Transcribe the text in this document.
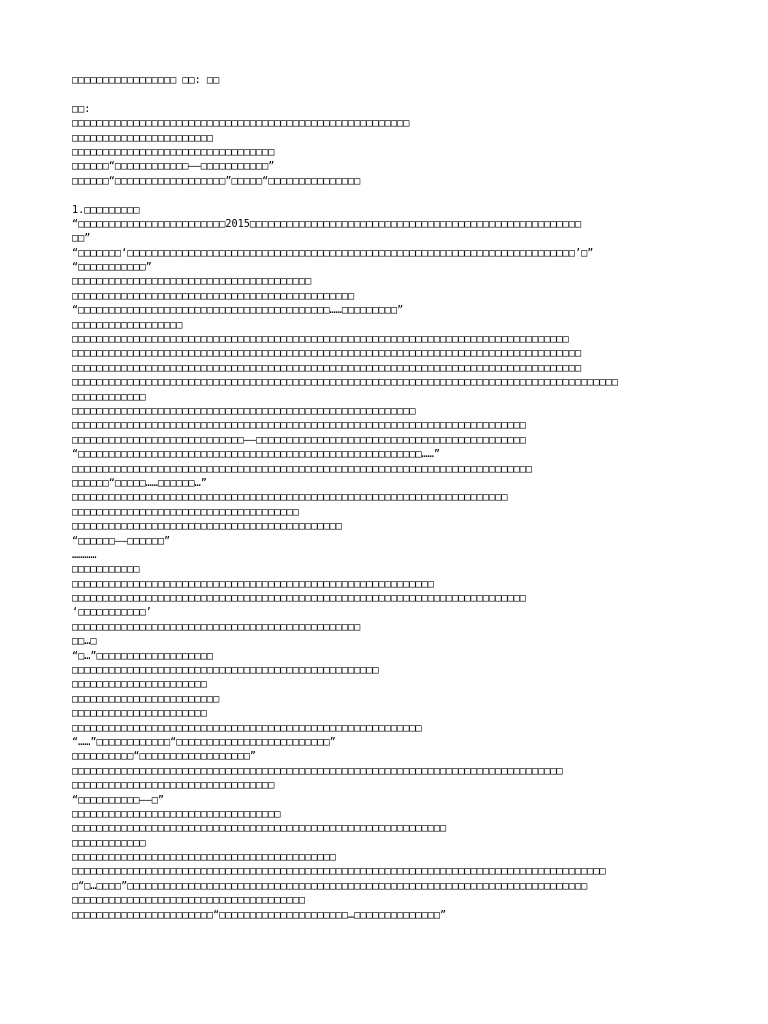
□□□□□□□□□□□□□□□□□ □□: □□
□□:
□□□□□□□□□□□□□□□□□□□□□□□□□□□□□□□□□□□□□□□□□□□□□□□□□□□□□□□
□□□□□□□□□□□□□□□□□□□□□□□
□□□□□□□□□□□□□□□□□□□□□□□□□□□□□□□□□
□□□□□□“□□□□□□□□□□□□——□□□□□□□□□□□”
□□□□□□“□□□□□□□□□□□□□□□□□□”□□□□□“□□□□□□□□□□□□□□□
1.□□□□□□□□□
“□□□□□□□□□□□□□□□□□□□□□□□□2015□□□□□□□□□□□□□□□□□□□□□□□□□□□□□□□□□□□□□□□□□□□□□□□□□□□□□□
□□”
“□□□□□□□‘□□□□□□□□□□□□□□□□□□□□□□□□□□□□□□□□□□□□□□□□□□□□□□□□□□□□□□□□□□□□□□□□□□□□□□□□□’□”
“□□□□□□□□□□□”
□□□□□□□□□□□□□□□□□□□□□□□□□□□□□□□□□□□□□□□
□□□□□□□□□□□□□□□□□□□□□□□□□□□□□□□□□□□□□□□□□□□□□□
“□□□□□□□□□□□□□□□□□□□□□□□□□□□□□□□□□□□□□□□□□……□□□□□□□□□”
□□□□□□□□□□□□□□□□□□
□□□□□□□□□□□□□□□□□□□□□□□□□□□□□□□□□□□□□□□□□□□□□□□□□□□□□□□□□□□□□□□□□□□□□□□□□□□□□□□□□
□□□□□□□□□□□□□□□□□□□□□□□□□□□□□□□□□□□□□□□□□□□□□□□□□□□□□□□□□□□□□□□□□□□□□□□□□□□□□□□□□□□
□□□□□□□□□□□□□□□□□□□□□□□□□□□□□□□□□□□□□□□□□□□□□□□□□□□□□□□□□□□□□□□□□□□□□□□□□□□□□□□□□□□
□□□□□□□□□□□□□□□□□□□□□□□□□□□□□□□□□□□□□□□□□□□□□□□□□□□□□□□□□□□□□□□□□□□□□□□□□□□□□□□□□□□□□□□□□
□□□□□□□□□□□□
□□□□□□□□□□□□□□□□□□□□□□□□□□□□□□□□□□□□□□□□□□□□□□□□□□□□□□□□
□□□□□□□□□□□□□□□□□□□□□□□□□□□□□□□□□□□□□□□□□□□□□□□□□□□□□□□□□□□□□□□□□□□□□□□□□□
□□□□□□□□□□□□□□□□□□□□□□□□□□□□——□□□□□□□□□□□□□□□□□□□□□□□□□□□□□□□□□□□□□□□□□□□□
“□□□□□□□□□□□□□□□□□□□□□□□□□□□□□□□□□□□□□□□□□□□□□□□□□□□□□□□□……”
□□□□□□□□□□□□□□□□□□□□□□□□□□□□□□□□□□□□□□□□□□□□□□□□□□□□□□□□□□□□□□□□□□□□□□□□□□□
□□□□□□“□□□□□……□□□□□□…”
□□□□□□□□□□□□□□□□□□□□□□□□□□□□□□□□□□□□□□□□□□□□□□□□□□□□□□□□□□□□□□□□□□□□□□□
□□□□□□□□□□□□□□□□□□□□□□□□□□□□□□□□□□□□□
□□□□□□□□□□□□□□□□□□□□□□□□□□□□□□□□□□□□□□□□□□□□
“□□□□□□——□□□□□□”
…………
□□□□□□□□□□□
□□□□□□□□□□□□□□□□□□□□□□□□□□□□□□□□□□□□□□□□□□□□□□□□□□□□□□□□□□□
□□□□□□□□□□□□□□□□□□□□□□□□□□□□□□□□□□□□□□□□□□□□□□□□□□□□□□□□□□□□□□□□□□□□□□□□□□
‘□□□□□□□□□□□’
□□□□□□□□□□□□□□□□□□□□□□□□□□□□□□□□□□□□□□□□□□□□□□□
□□…□
“□…”□□□□□□□□□□□□□□□□□□□
□□□□□□□□□□□□□□□□□□□□□□□□□□□□□□□□□□□□□□□□□□□□□□□□□□
□□□□□□□□□□□□□□□□□□□□□□
□□□□□□□□□□□□□□□□□□□□□□□□
□□□□□□□□□□□□□□□□□□□□□□
□□□□□□□□□□□□□□□□□□□□□□□□□□□□□□□□□□□□□□□□□□□□□□□□□□□□□□□□□
“……”□□□□□□□□□□□□“□□□□□□□□□□□□□□□□□□□□□□□□□”
□□□□□□□□□□“□□□□□□□□□□□□□□□□□□”
□□□□□□□□□□□□□□□□□□□□□□□□□□□□□□□□□□□□□□□□□□□□□□□□□□□□□□□□□□□□□□□□□□□□□□□□□□□□□□□□
□□□□□□□□□□□□□□□□□□□□□□□□□□□□□□□□□
“□□□□□□□□□□——□”
□□□□□□□□□□□□□□□□□□□□□□□□□□□□□□□□□□
□□□□□□□□□□□□□□□□□□□□□□□□□□□□□□□□□□□□□□□□□□□□□□□□□□□□□□□□□□□□□
□□□□□□□□□□□□
□□□□□□□□□□□□□□□□□□□□□□□□□□□□□□□□□□□□□□□□□□□
□□□□□□□□□□□□□□□□□□□□□□□□□□□□□□□□□□□□□□□□□□□□□□□□□□□□□□□□□□□□□□□□□□□□□□□□□□□□□□□□□□□□□□□
□“□…□□□□”□□□□□□□□□□□□□□□□□□□□□□□□□□□□□□□□□□□□□□□□□□□□□□□□□□□□□□□□□□□□□□□□□□□□□□□□□□□
□□□□□□□□□□□□□□□□□□□□□□□□□□□□□□□□□□□□□□
□□□□□□□□□□□□□□□□□□□□□□□“□□□□□□□□□□□□□□□□□□□□□…□□□□□□□□□□□□□□”
